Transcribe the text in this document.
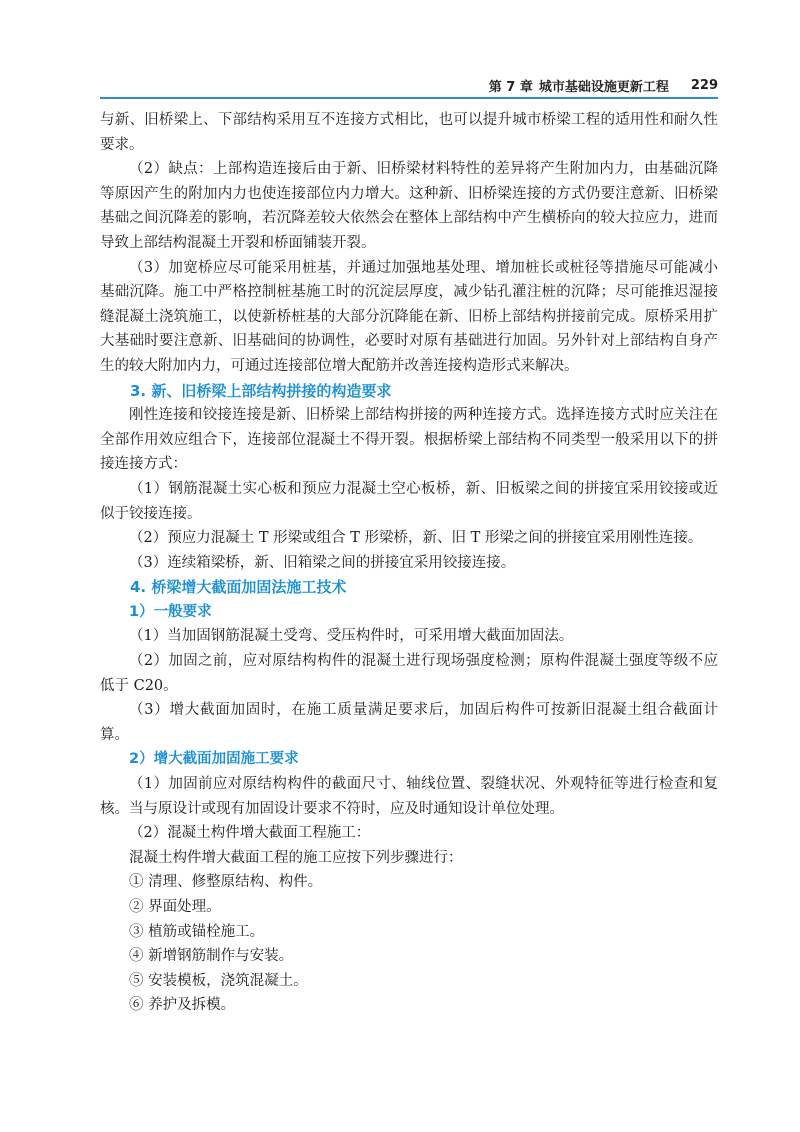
第 7 章 城市基础设施更新工程 229

与新、旧桥梁上、下部结构采用互不连接方式相比，也可以提升城市桥梁工程的适用性和耐久性要求。

（2）缺点：上部构造连接后由于新、旧桥梁材料特性的差异将产生附加内力，由基础沉降等原因产生的附加内力也使连接部位内力增大。这种新、旧桥梁连接的方式仍要注意新、旧桥梁基础之间沉降差的影响，若沉降差较大依然会在整体上部结构中产生横桥向的较大拉应力，进而导致上部结构混凝土开裂和桥面铺装开裂。

（3）加宽桥应尽可能采用桩基，并通过加强地基处理、增加桩长或桩径等措施尽可能减小基础沉降。施工中严格控制桩基施工时的沉淀层厚度，减少钻孔灌注桩的沉降；尽可能推迟湿接缝混凝土浇筑施工，以使新桥桩基的大部分沉降能在新、旧桥上部结构拼接前完成。原桥采用扩大基础时要注意新、旧基础间的协调性，必要时对原有基础进行加固。另外针对上部结构自身产生的较大附加内力，可通过连接部位增大配筋并改善连接构造形式来解决。

3. 新、旧桥梁上部结构拼接的构造要求

刚性连接和铰接连接是新、旧桥梁上部结构拼接的两种连接方式。选择连接方式时应关注在全部作用效应组合下，连接部位混凝土不得开裂。根据桥梁上部结构不同类型一般采用以下的拼接连接方式：

（1）钢筋混凝土实心板和预应力混凝土空心板桥，新、旧板梁之间的拼接宜采用铰接或近似于铰接连接。

（2）预应力混凝土 T 形梁或组合 T 形梁桥，新、旧 T 形梁之间的拼接宜采用刚性连接。

（3）连续箱梁桥，新、旧箱梁之间的拼接宜采用铰接连接。

4. 桥梁增大截面加固法施工技术
1）一般要求

（1）当加固钢筋混凝土受弯、受压构件时，可采用增大截面加固法。

（2）加固之前，应对原结构构件的混凝土进行现场强度检测；原构件混凝土强度等级不应低于 C20。

（3）增大截面加固时，在施工质量满足要求后，加固后构件可按新旧混凝土组合截面计算。

2）增大截面加固施工要求

（1）加固前应对原结构构件的截面尺寸、轴线位置、裂缝状况、外观特征等进行检查和复核。当与原设计或现有加固设计要求不符时，应及时通知设计单位处理。

（2）混凝土构件增大截面工程施工：

混凝土构件增大截面工程的施工应按下列步骤进行：

① 清理、修整原结构、构件。

② 界面处理。

③ 植筋或锚栓施工。

④ 新增钢筋制作与安装。

⑤ 安装模板，浇筑混凝土。

⑥ 养护及拆模。
